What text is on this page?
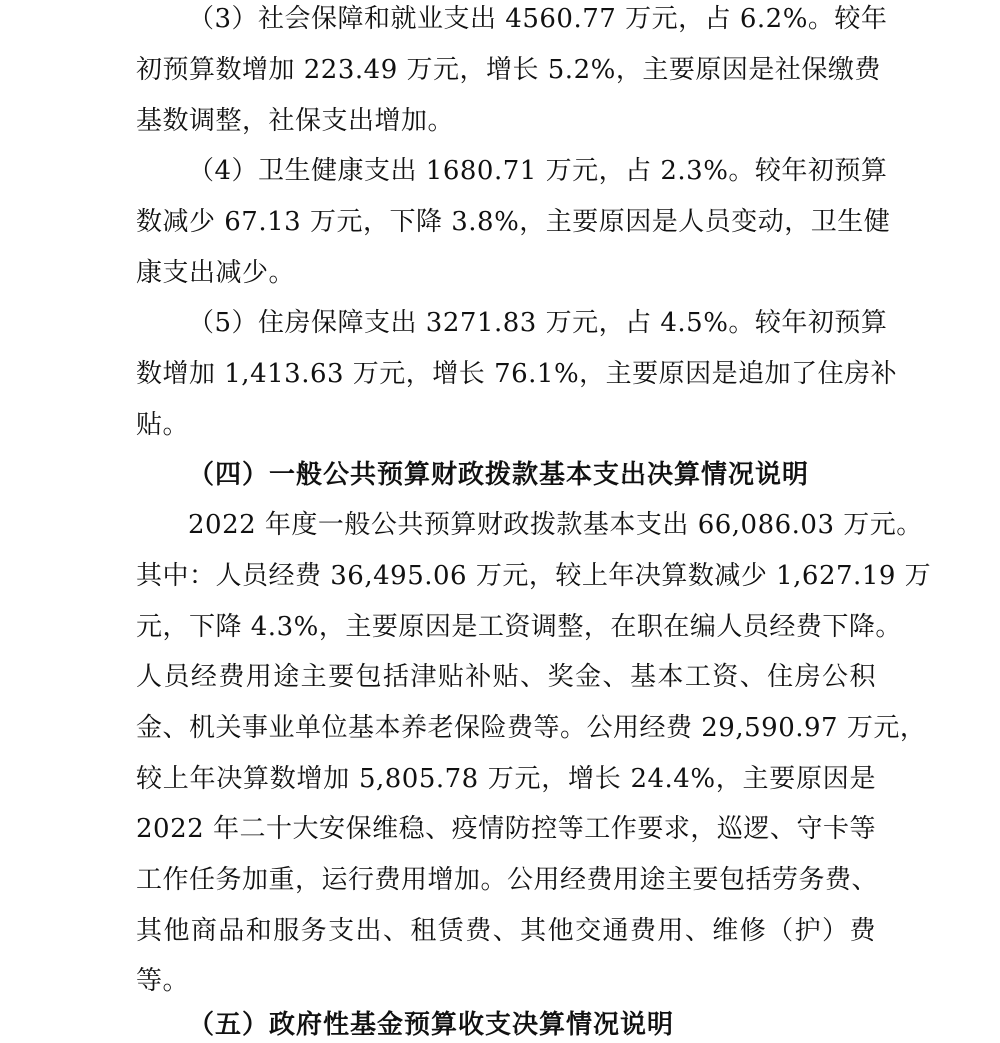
（3）社会保障和就业支出 4560.77 万元，占 6.2%。较年
初预算数增加 223.49 万元，增长 5.2%，主要原因是社保缴费
基数调整，社保支出增加。
（4）卫生健康支出 1680.71 万元，占 2.3%。较年初预算
数减少 67.13 万元，下降 3.8%，主要原因是人员变动，卫生健
康支出减少。
（5）住房保障支出 3271.83 万元，占 4.5%。较年初预算
数增加 1,413.63 万元，增长 76.1%，主要原因是追加了住房补
贴。
（四）一般公共预算财政拨款基本支出决算情况说明
2022 年度一般公共预算财政拨款基本支出 66,086.03 万元。
其中：人员经费 36,495.06 万元，较上年决算数减少 1,627.19 万
元，下降 4.3%，主要原因是工资调整，在职在编人员经费下降。
人员经费用途主要包括津贴补贴、奖金、基本工资、住房公积
金、机关事业单位基本养老保险费等。公用经费 29,590.97 万元，
较上年决算数增加 5,805.78 万元，增长 24.4%，主要原因是
2022 年二十大安保维稳、疫情防控等工作要求，巡逻、守卡等
工作任务加重，运行费用增加。公用经费用途主要包括劳务费、
其他商品和服务支出、租赁费、其他交通费用、维修（护）费
等。
（五）政府性基金预算收支决算情况说明
